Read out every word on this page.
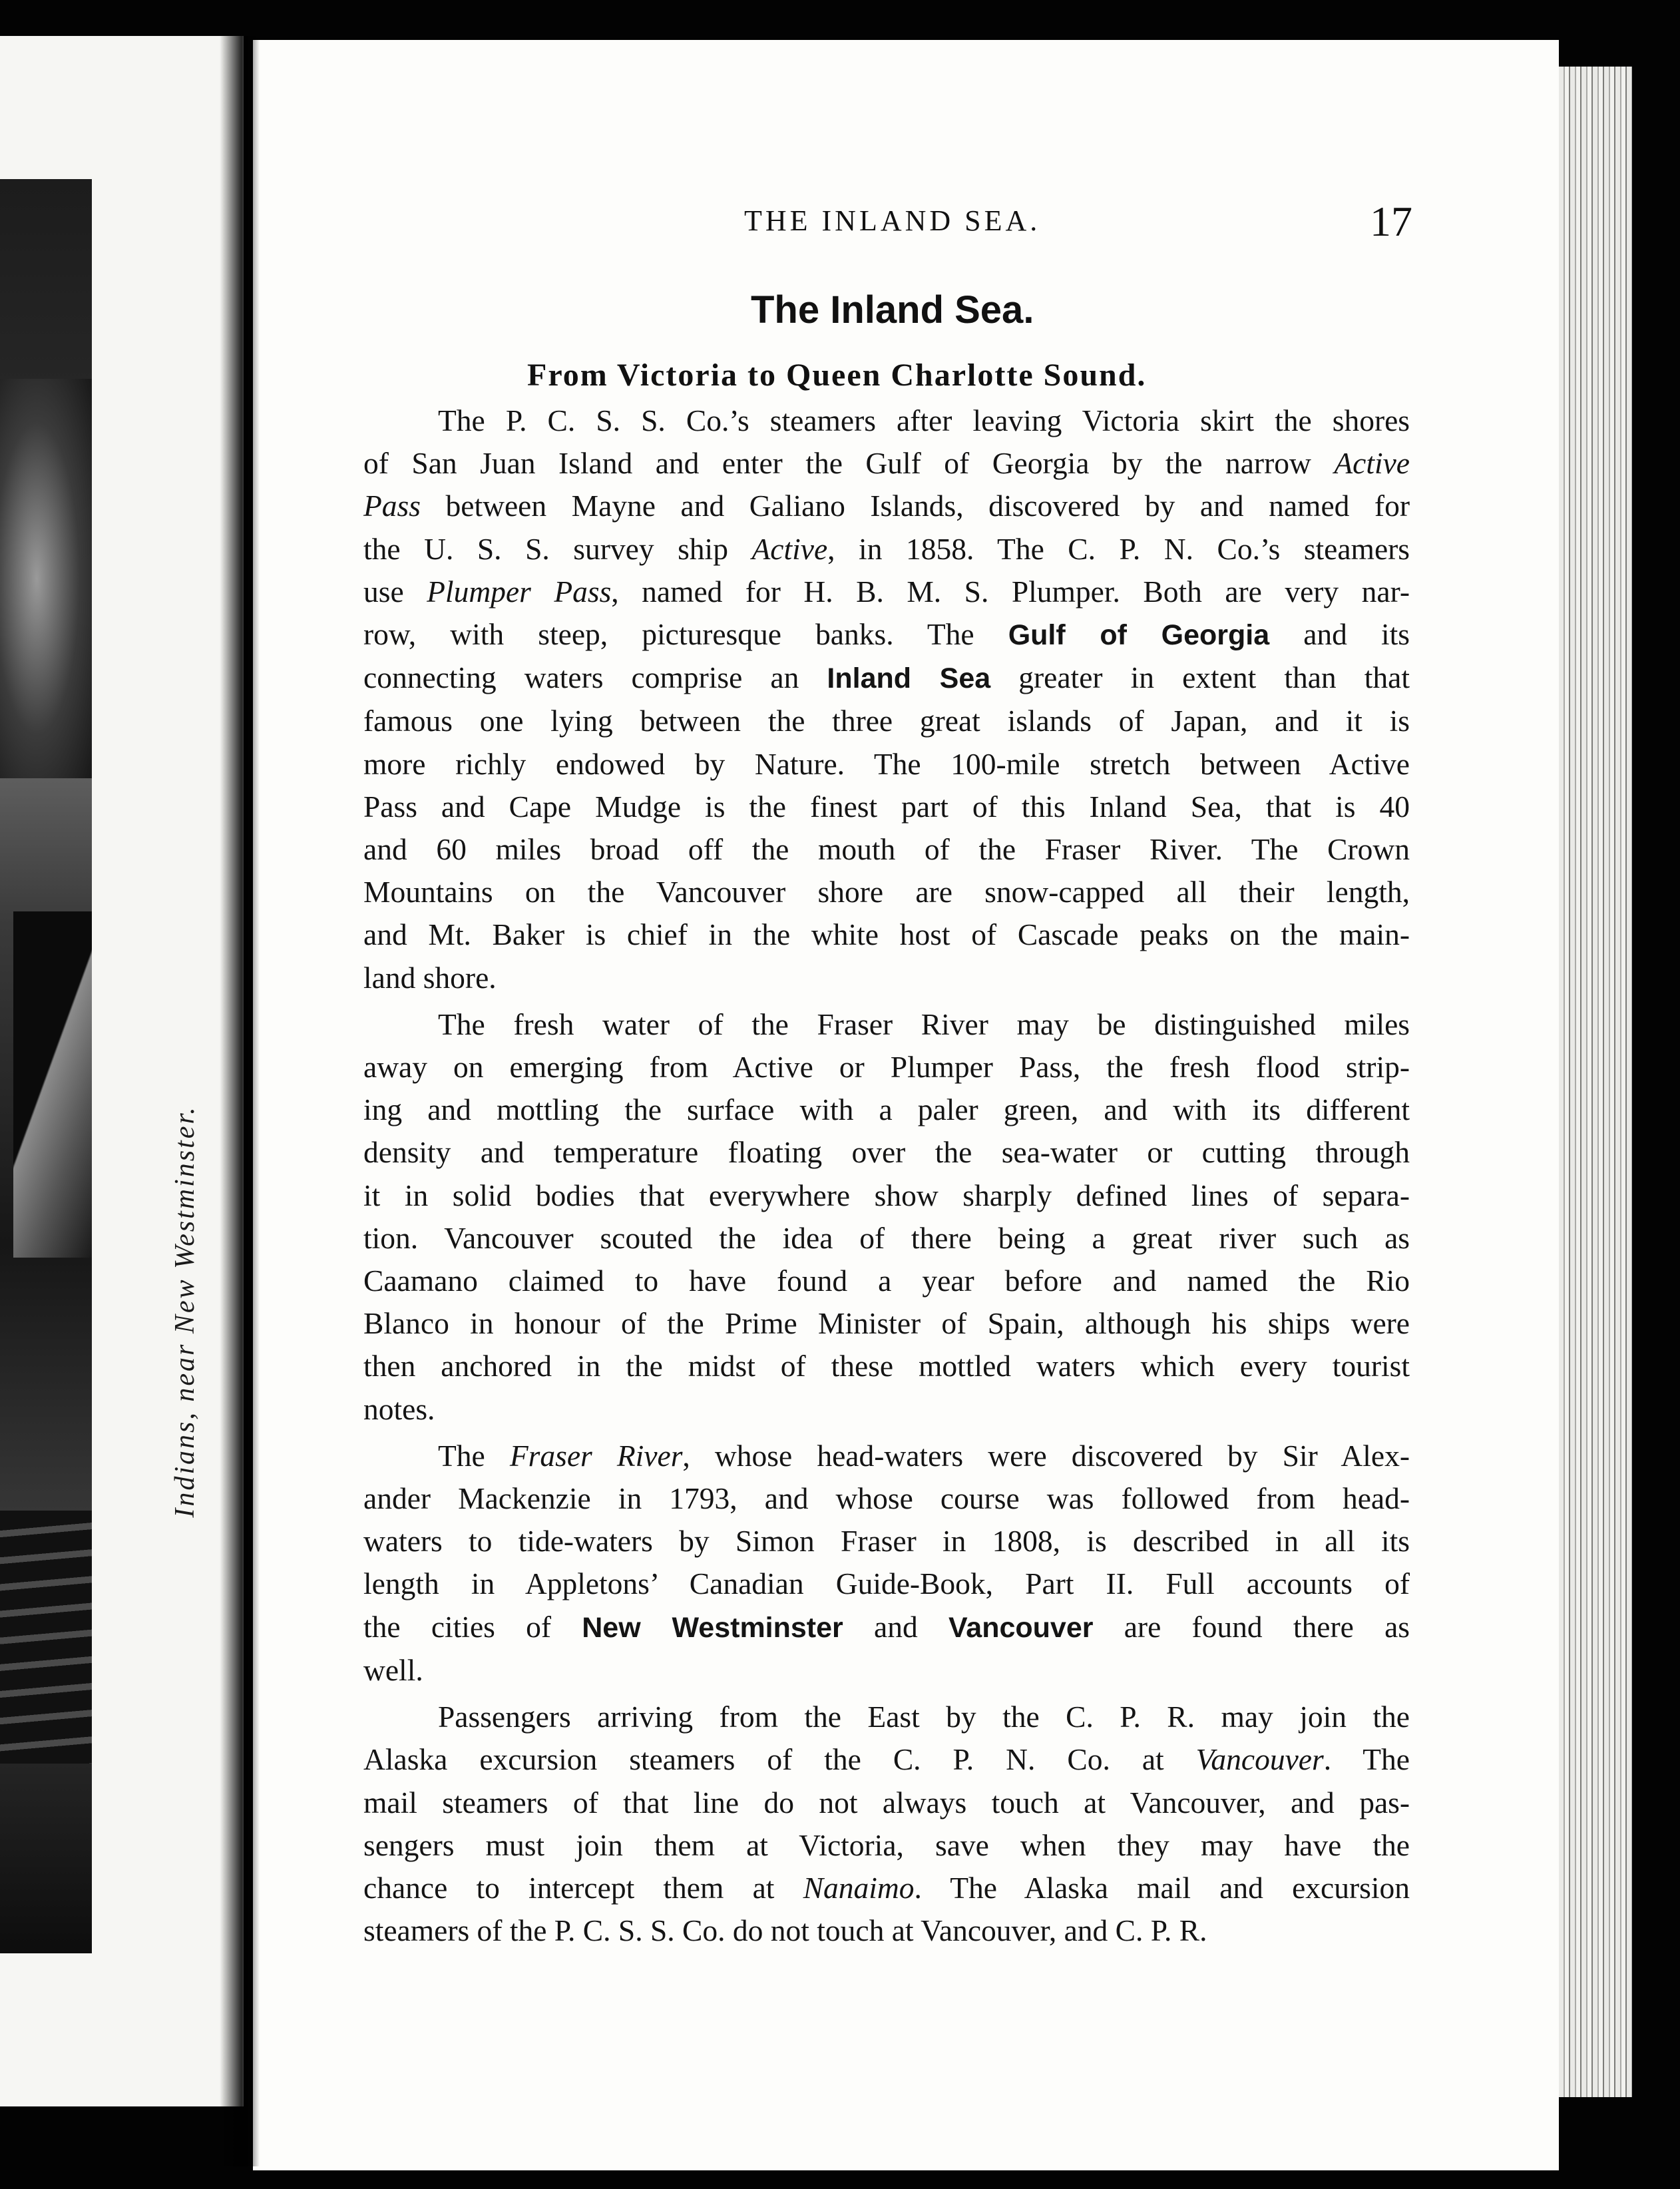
Indians, near New Westminster.
THE INLAND SEA.	17
The Inland Sea.
From Victoria to Queen Charlotte Sound.

The P. C. S. S. Co.’s steamers after leaving Victoria skirt the shores
of San Juan Island and enter the Gulf of Georgia by the narrow Active
Pass between Mayne and Galiano Islands, discovered by and named for
the U. S. S. survey ship Active, in 1858. The C. P. N. Co.’s steamers
use Plumper Pass, named for H. B. M. S. Plumper. Both are very nar-
row, with steep, picturesque banks. The Gulf of Georgia and its
connecting waters comprise an Inland Sea greater in extent than that
famous one lying between the three great islands of Japan, and it is
more richly endowed by Nature. The 100-mile stretch between Active
Pass and Cape Mudge is the finest part of this Inland Sea, that is 40
and 60 miles broad off the mouth of the Fraser River. The Crown
Mountains on the Vancouver shore are snow-capped all their length,
and Mt. Baker is chief in the white host of Cascade peaks on the main-
land shore.

The fresh water of the Fraser River may be distinguished miles
away on emerging from Active or Plumper Pass, the fresh flood strip-
ing and mottling the surface with a paler green, and with its different
density and temperature floating over the sea-water or cutting through
it in solid bodies that everywhere show sharply defined lines of separa-
tion. Vancouver scouted the idea of there being a great river such as
Caamano claimed to have found a year before and named the Rio
Blanco in honour of the Prime Minister of Spain, although his ships were
then anchored in the midst of these mottled waters which every tourist
notes.

The Fraser River, whose head-waters were discovered by Sir Alex-
ander Mackenzie in 1793, and whose course was followed from head-
waters to tide-waters by Simon Fraser in 1808, is described in all its
length in Appletons’ Canadian Guide-Book, Part II. Full accounts of
the cities of New Westminster and Vancouver are found there as
well.

Passengers arriving from the East by the C. P. R. may join the
Alaska excursion steamers of the C. P. N. Co. at Vancouver. The
mail steamers of that line do not always touch at Vancouver, and pas-
sengers must join them at Victoria, save when they may have the
chance to intercept them at Nanaimo. The Alaska mail and excursion
steamers of the P. C. S. S. Co. do not touch at Vancouver, and C. P. R.
